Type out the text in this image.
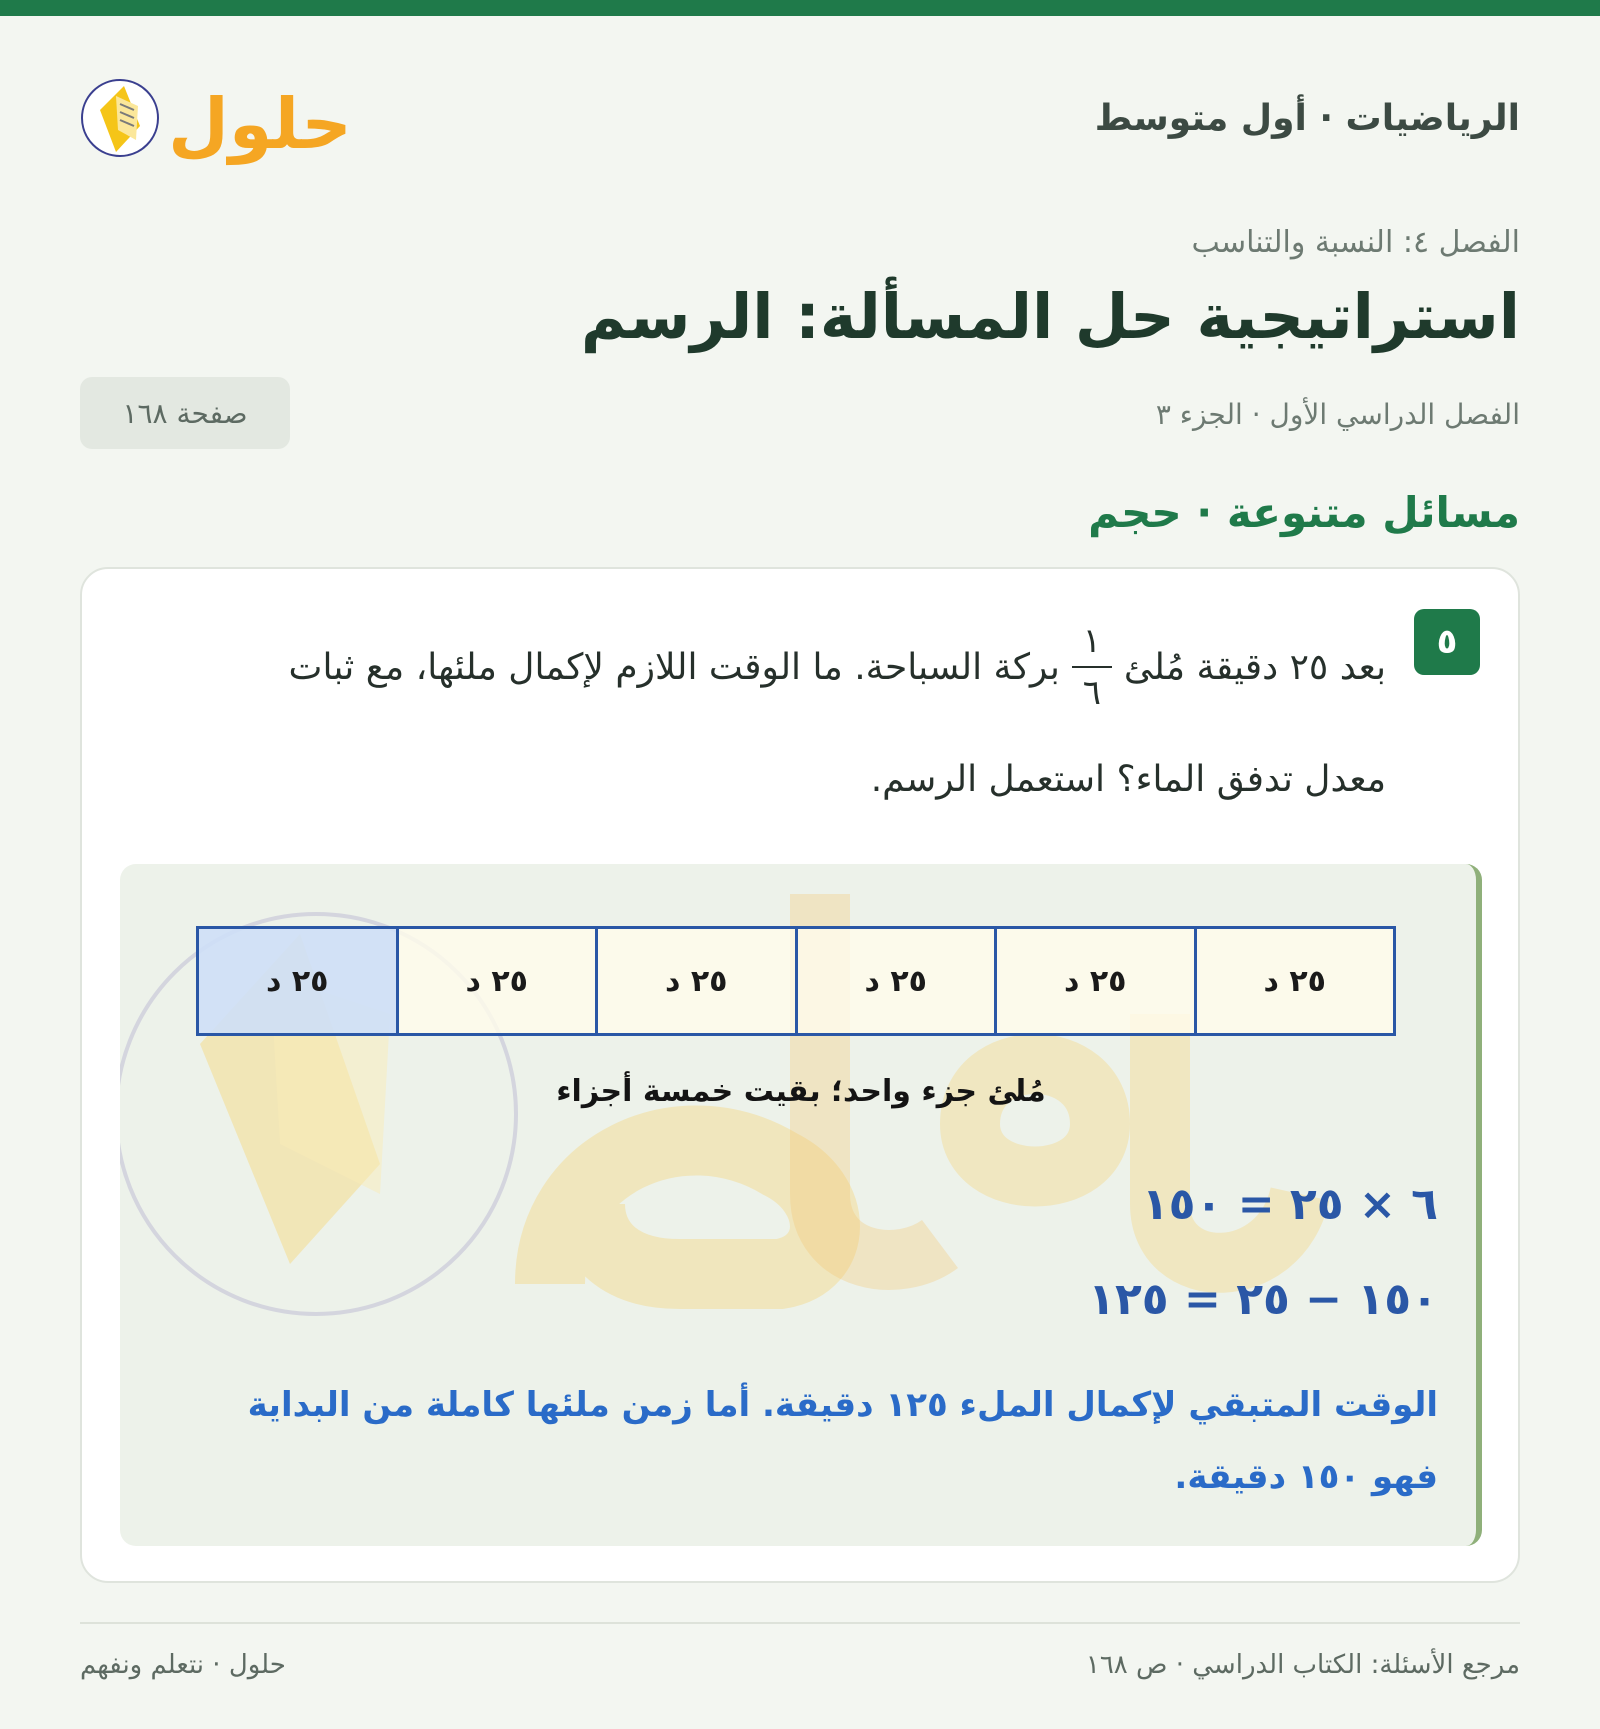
الرياضيات · أول متوسط
حلول
الفصل ٤: النسبة والتناسب
استراتيجية حل المسألة: الرسم
الفصل الدراسي الأول · الجزء ٣
صفحة ١٦٨
مسائل متنوعة · حجم
٥
بعد ٢٥ دقيقة مُلئ
$\frac{١}{٦}$
بركة السباحة. ما الوقت اللازم لإكمال ملئها، مع ثبات
معدل تدفق الماء؟ استعمل الرسم.
٢٥ د
٢٥ د
٢٥ د
٢٥ د
٢٥ د
٢٥ د
مُلئ جزء واحد؛ بقيت خمسة أجزاء
٦ × ٢٥ = ١٥٠
١٥٠ − ٢٥ = ١٢٥
الوقت المتبقي لإكمال الملء ١٢٥ دقيقة. أما زمن ملئها كاملة من البداية
فهو ١٥٠ دقيقة.
مرجع الأسئلة: الكتاب الدراسي · ص ١٦٨
حلول · نتعلم ونفهم
